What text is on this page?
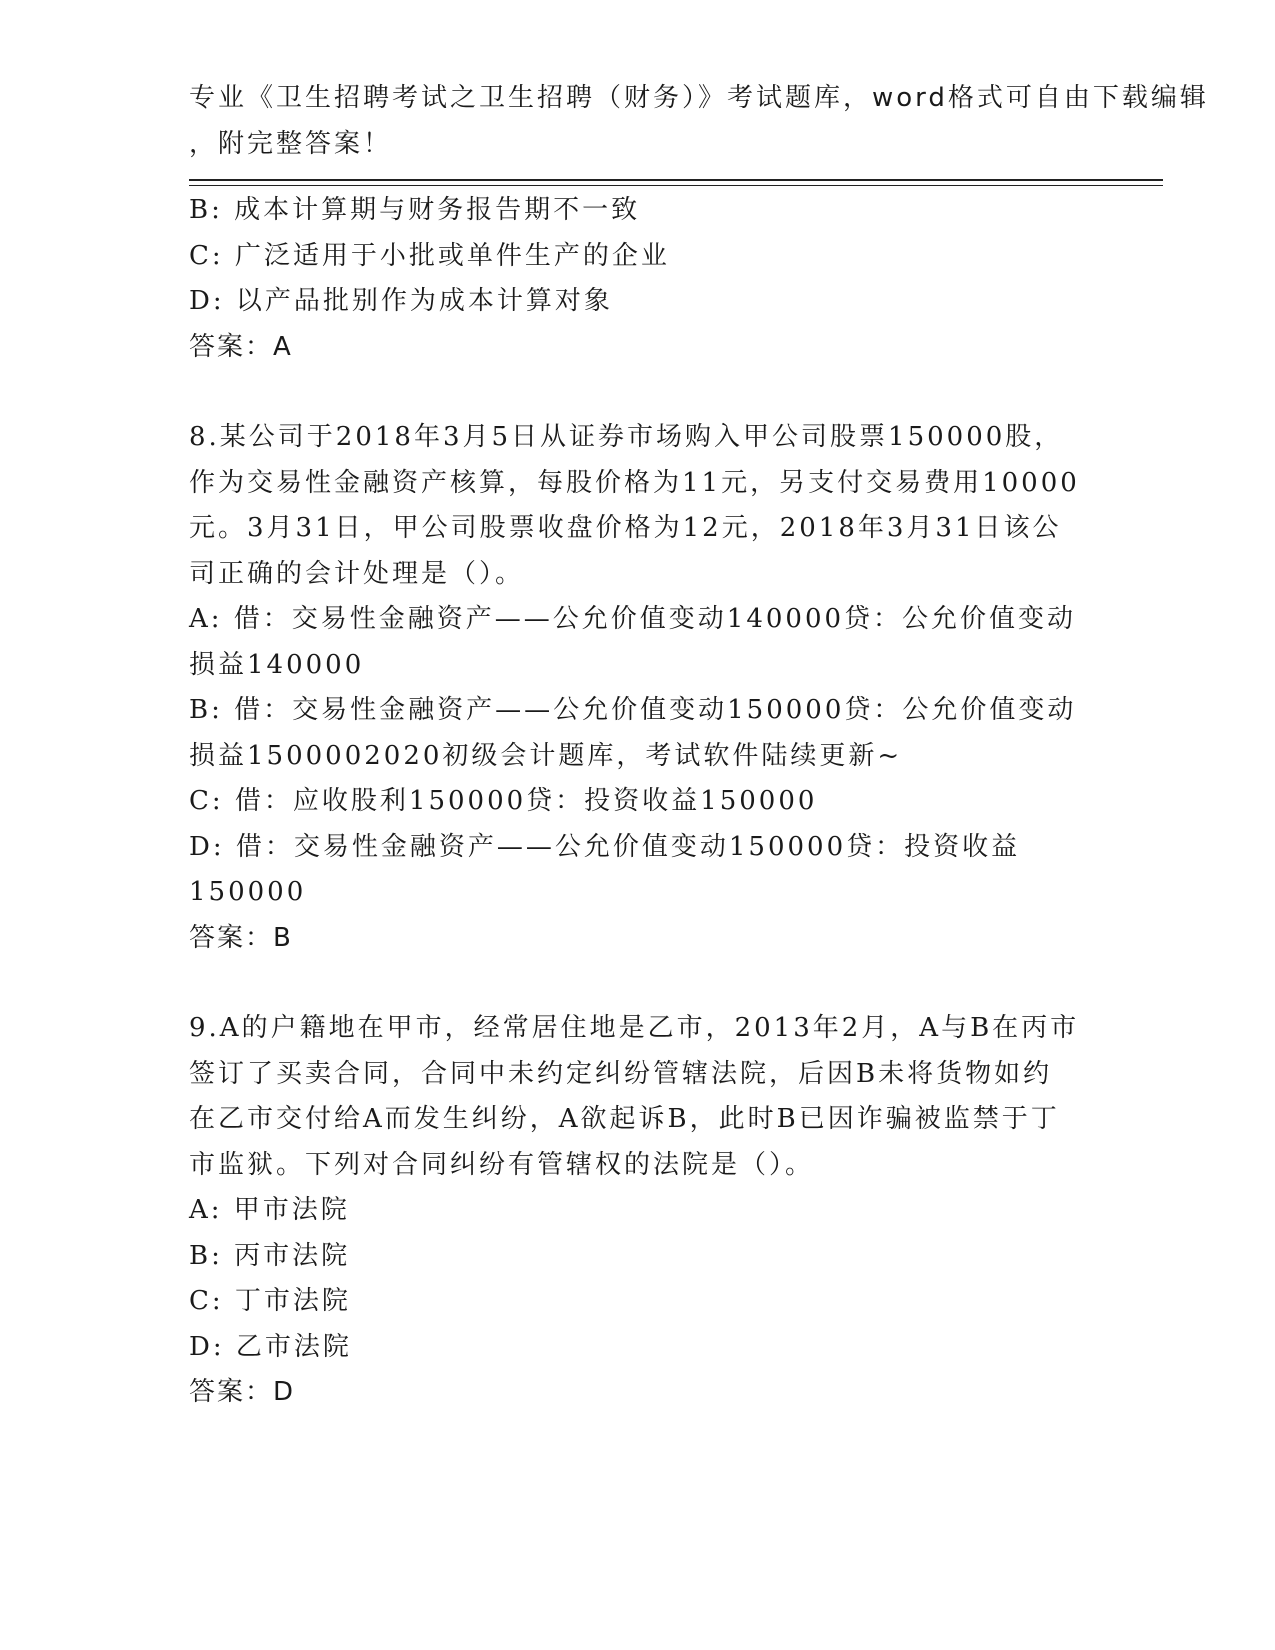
专业《卫生招聘考试之卫生招聘（财务）》考试题库，word格式可自由下载编辑
，附完整答案！
B: 成本计算期与财务报告期不一致
C: 广泛适用于小批或单件生产的企业
D: 以产品批别作为成本计算对象
答案：A
8.某公司于2018年3月5日从证券市场购入甲公司股票150000股，
作为交易性金融资产核算，每股价格为11元，另支付交易费用10000
元。3月31日，甲公司股票收盘价格为12元，2018年3月31日该公
司正确的会计处理是（）。
A: 借：交易性金融资产——公允价值变动140000贷：公允价值变动
损益140000
B: 借：交易性金融资产——公允价值变动150000贷：公允价值变动
损益1500002020初级会计题库，考试软件陆续更新~
C: 借：应收股利150000贷：投资收益150000
D: 借：交易性金融资产——公允价值变动150000贷：投资收益
150000
答案：B
9.A的户籍地在甲市，经常居住地是乙市，2013年2月，A与B在丙市
签订了买卖合同，合同中未约定纠纷管辖法院，后因B未将货物如约
在乙市交付给A而发生纠纷，A欲起诉B，此时B已因诈骗被监禁于丁
市监狱。下列对合同纠纷有管辖权的法院是（）。
A: 甲市法院
B: 丙市法院
C: 丁市法院
D: 乙市法院
答案：D
